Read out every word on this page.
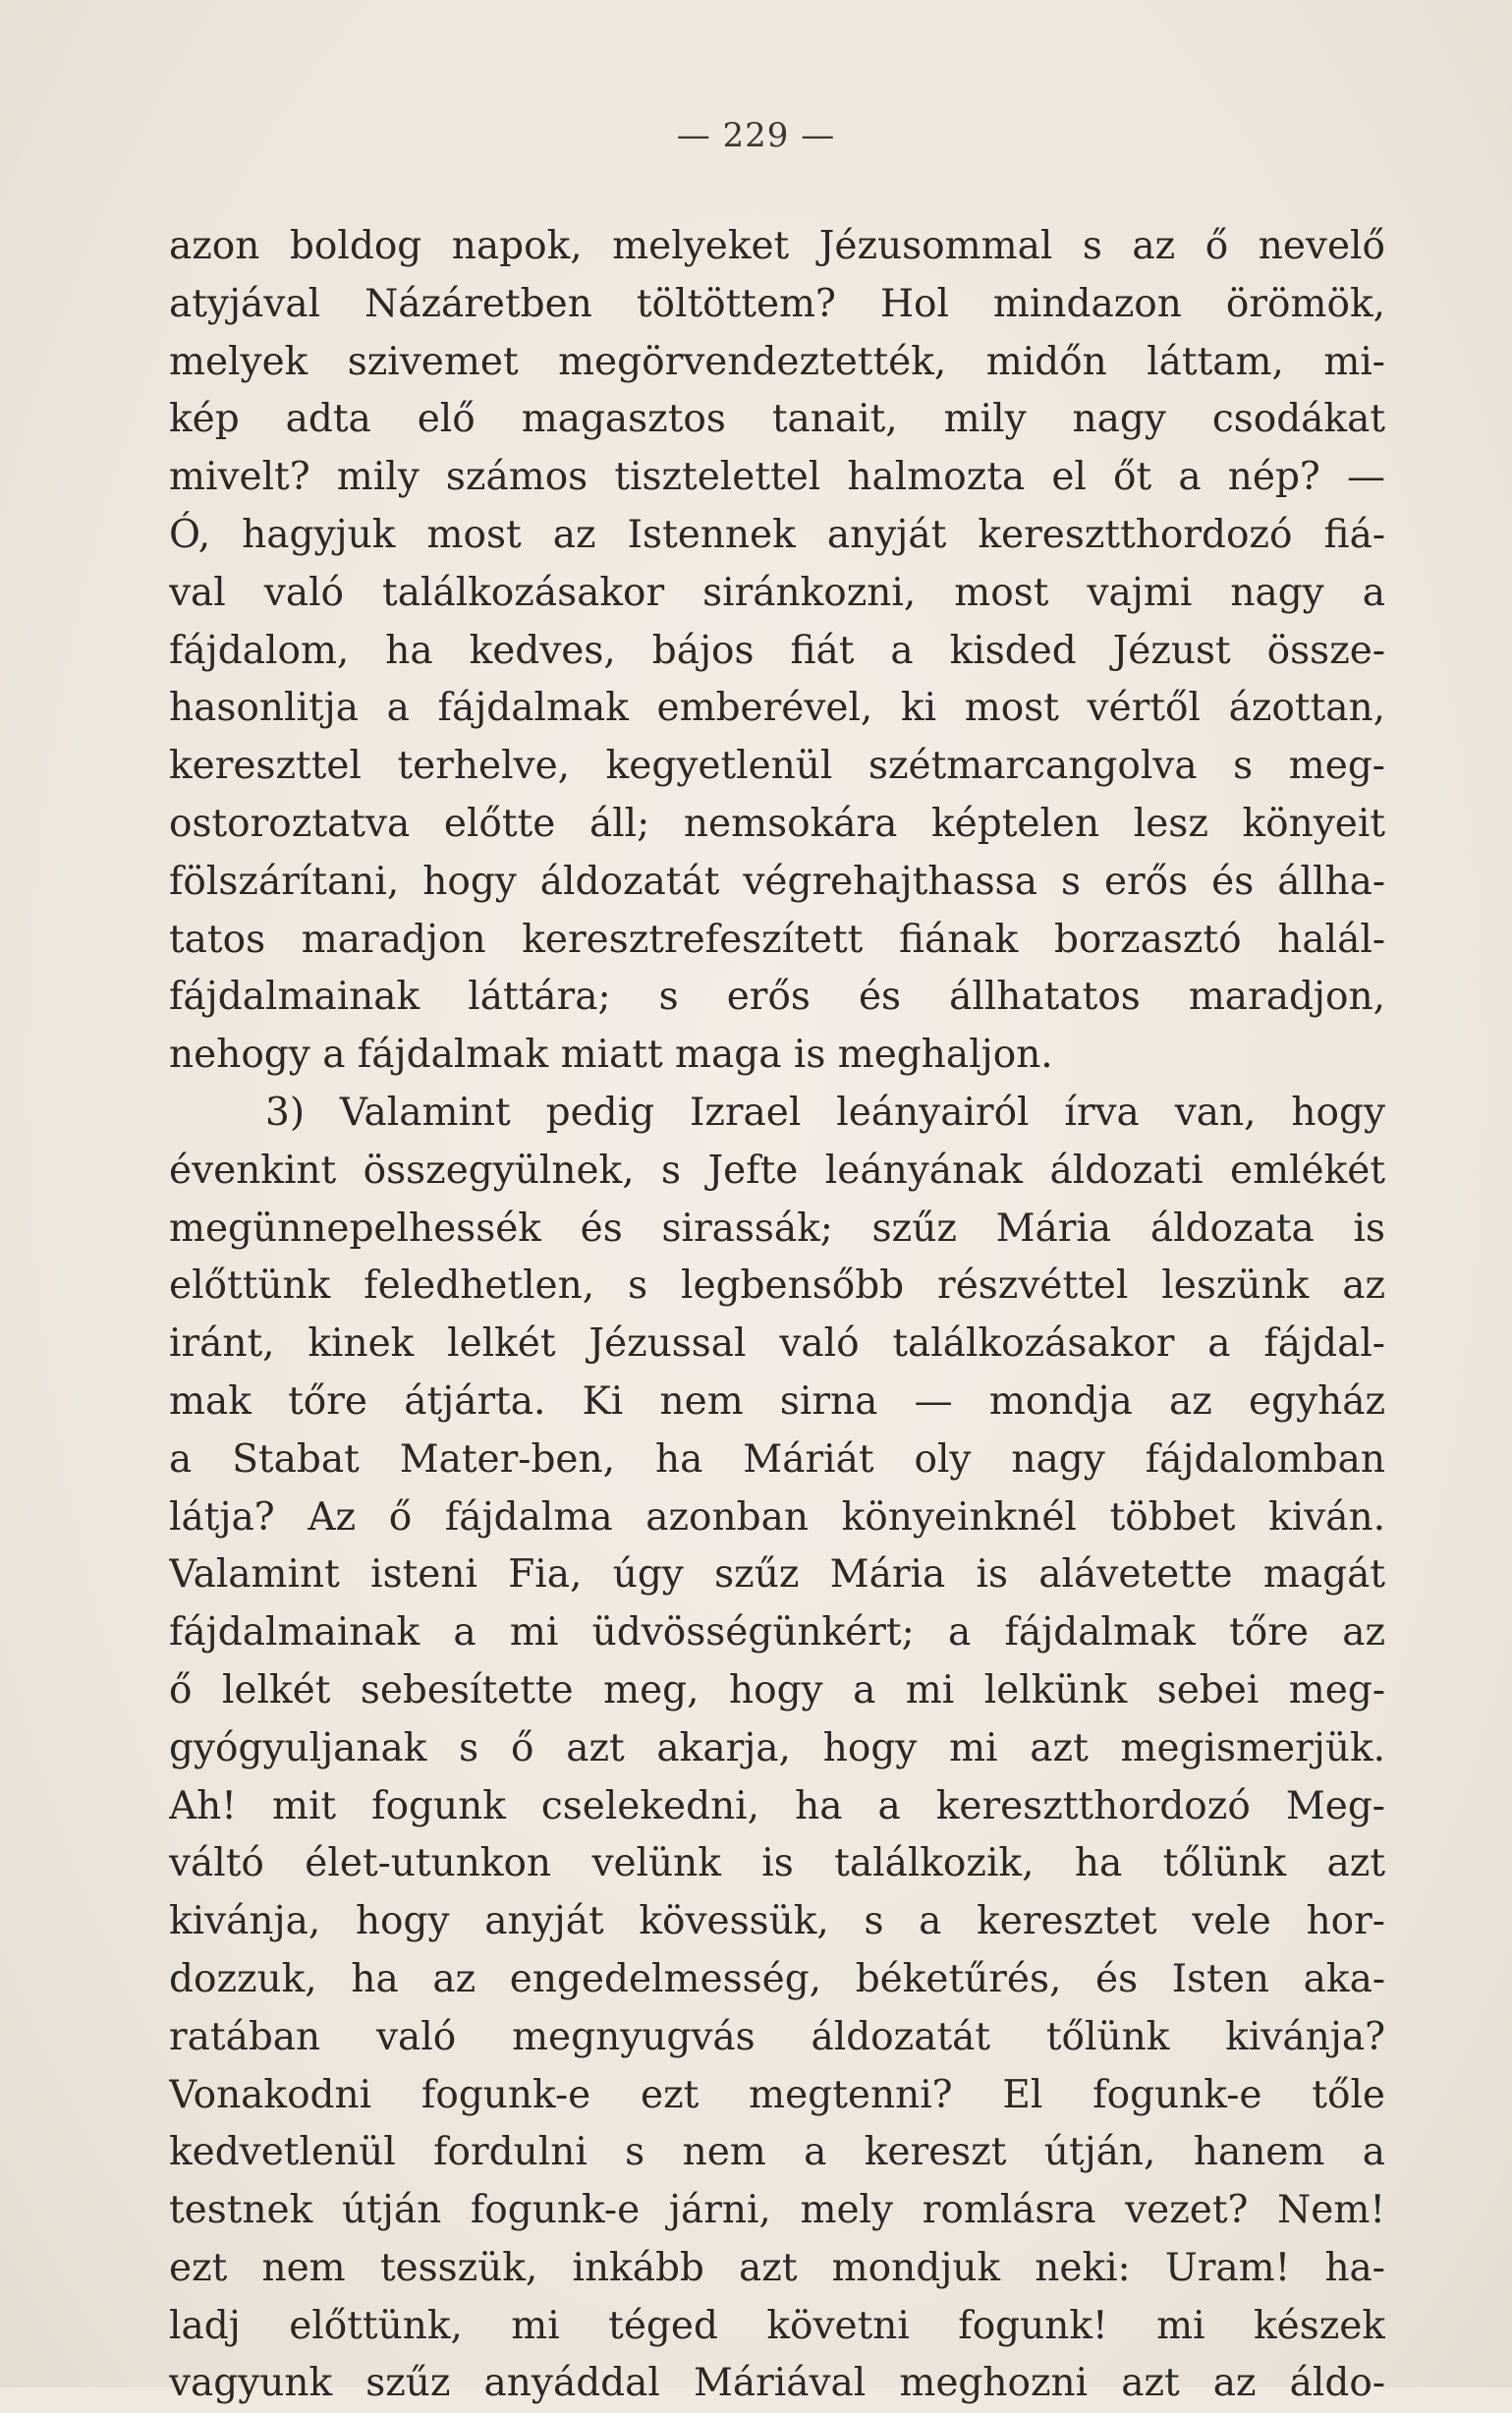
— 229 —
azon boldog napok, melyeket Jézusommal s az ő nevelő
atyjával Názáretben töltöttem? Hol mindazon örömök,
melyek szivemet megörvendeztették, midőn láttam, mi-
kép adta elő magasztos tanait, mily nagy csodákat
mivelt? mily számos tisztelettel halmozta el őt a nép? —
Ó, hagyjuk most az Istennek anyját keresztthordozó fiá-
val való találkozásakor siránkozni, most vajmi nagy a
fájdalom, ha kedves, bájos fiát a kisded Jézust össze-
hasonlitja a fájdalmak emberével, ki most vértől ázottan,
kereszttel terhelve, kegyetlenül szétmarcangolva s meg-
ostoroztatva előtte áll; nemsokára képtelen lesz könyeit
fölszárítani, hogy áldozatát végrehajthassa s erős és állha-
tatos maradjon keresztrefeszített fiának borzasztó halál-
fájdalmainak láttára; s erős és állhatatos maradjon,
nehogy a fájdalmak miatt maga is meghaljon.
3) Valamint pedig Izrael leányairól írva van, hogy
évenkint összegyülnek, s Jefte leányának áldozati emlékét
megünnepelhessék és sirassák; szűz Mária áldozata is
előttünk feledhetlen, s legbensőbb részvéttel leszünk az
iránt, kinek lelkét Jézussal való találkozásakor a fájdal-
mak tőre átjárta. Ki nem sirna — mondja az egyház
a Stabat Mater-ben, ha Máriát oly nagy fájdalomban
látja? Az ő fájdalma azonban könyeinknél többet kiván.
Valamint isteni Fia, úgy szűz Mária is alávetette magát
fájdalmainak a mi üdvösségünkért; a fájdalmak tőre az
ő lelkét sebesítette meg, hogy a mi lelkünk sebei meg-
gyógyuljanak s ő azt akarja, hogy mi azt megismerjük.
Ah! mit fogunk cselekedni, ha a keresztthordozó Meg-
váltó élet-utunkon velünk is találkozik, ha tőlünk azt
kivánja, hogy anyját kövessük, s a keresztet vele hor-
dozzuk, ha az engedelmesség, béketűrés, és Isten aka-
ratában való megnyugvás áldozatát tőlünk kivánja?
Vonakodni fogunk-e ezt megtenni? El fogunk-e tőle
kedvetlenül fordulni s nem a kereszt útján, hanem a
testnek útján fogunk-e járni, mely romlásra vezet? Nem!
ezt nem tesszük, inkább azt mondjuk neki: Uram! ha-
ladj előttünk, mi téged követni fogunk! mi készek
vagyunk szűz anyáddal Máriával meghozni azt az áldo-
